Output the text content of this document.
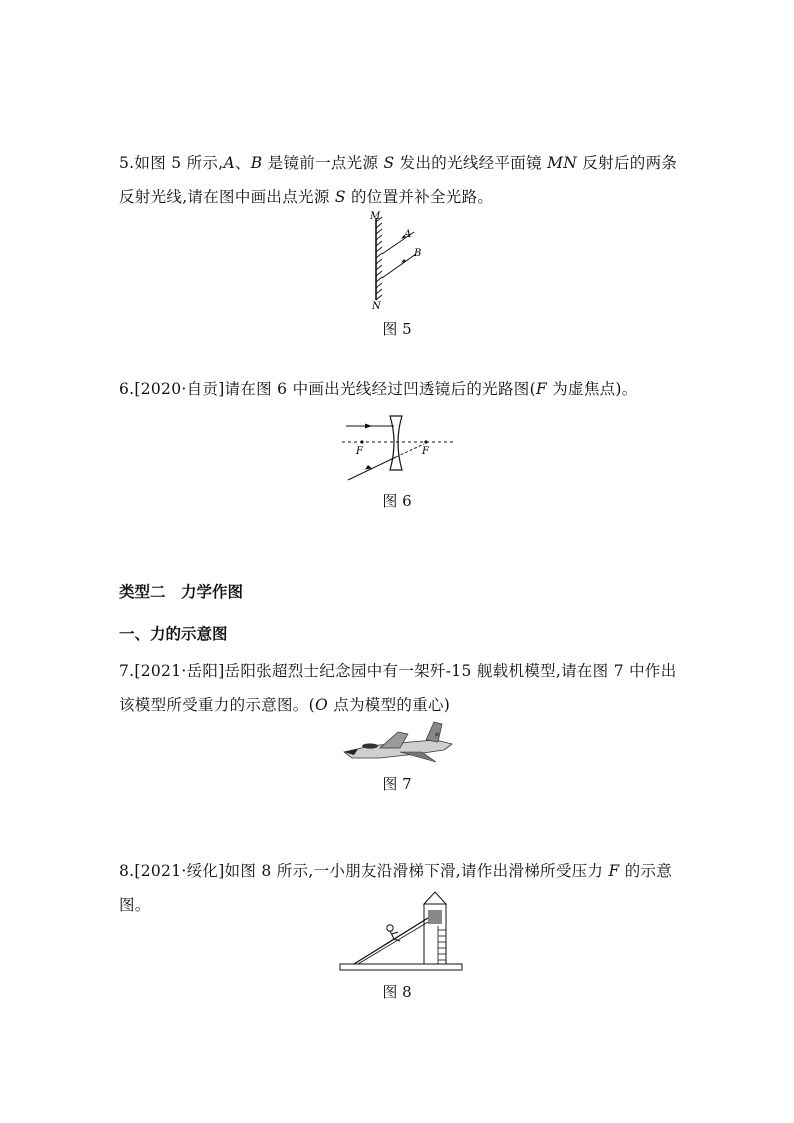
5.如图 5 所示,A、B 是镜前一点光源 S 发出的光线经平面镜 MN 反射后的两条反射光线,请在图中画出点光源 S 的位置并补全光路。
M
N
A
B
图 5
6.[2020·自贡]请在图 6 中画出光线经过凹透镜后的光路图(F 为虚焦点)。
F	F
图 6
类型二　力学作图
一、力的示意图
7.[2021·岳阳]岳阳张超烈士纪念园中有一架歼-15 舰载机模型,请在图 7 中作出该模型所受重力的示意图。(O 点为模型的重心)
✕
图 7
8.[2021·绥化]如图 8 所示,一小朋友沿滑梯下滑,请作出滑梯所受压力 F 的示意图。
图 8
